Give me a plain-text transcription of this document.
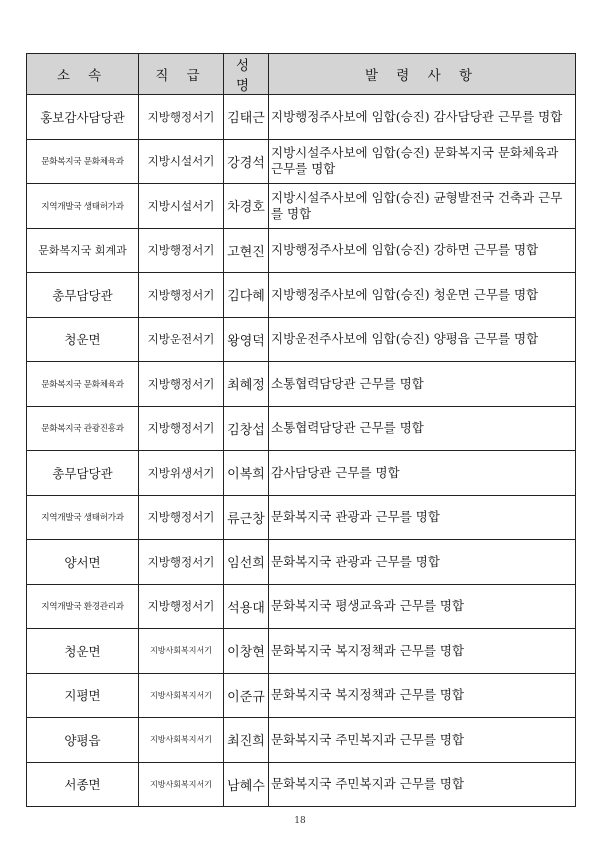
소 속	직 급	성 명	발 령 사 항
홍보감사담당관	지방행정서기	김태근	지방행정주사보에 임합(승진) 감사담당관 근무를 명합
문화복지국 문화체육과	지방시설서기	강경석	지방시설주사보에 임합(승진) 문화복지국 문화체육과 근무를 명합
지역개발국 생태허가과	지방시설서기	차경호	지방시설주사보에 임합(승진) 균형발전국 건축과 근무를 명합
문화복지국 회계과	지방행정서기	고현진	지방행정주사보에 임합(승진) 강하면 근무를 명합
총무담당관	지방행정서기	김다혜	지방행정주사보에 임합(승진) 청운면 근무를 명합
청운면	지방운전서기	왕영덕	지방운전주사보에 임합(승진) 양평읍 근무를 명합
문화복지국 문화체육과	지방행정서기	최혜정	소통협력담당관 근무를 명합
문화복지국 관광진흥과	지방행정서기	김창섭	소통협력담당관 근무를 명합
총무담당관	지방위생서기	이복희	감사담당관 근무를 명합
지역개발국 생태허가과	지방행정서기	류근창	문화복지국 관광과 근무를 명합
양서면	지방행정서기	임선희	문화복지국 관광과 근무를 명합
지역개발국 환경관리과	지방행정서기	석용대	문화복지국 평생교육과 근무를 명합
청운면	지방사회복지서기	이창현	문화복지국 복지정책과 근무를 명합
지평면	지방사회복지서기	이준규	문화복지국 복지정책과 근무를 명합
양평읍	지방사회복지서기	최진희	문화복지국 주민복지과 근무를 명합
서종면	지방사회복지서기	남혜수	문화복지국 주민복지과 근무를 명합
18
